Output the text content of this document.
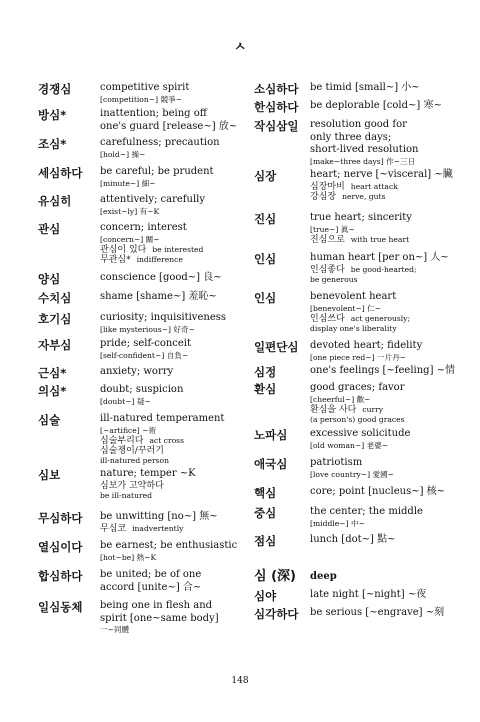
ㅅ
경쟁심	competitive spirit
[competition~] 競爭~
방심*	inattention; being off
one's guard [release~] 放~
조심*	carefulness; precaution
[hold~] 操~
세심하다	be careful; be prudent
[minute~] 細~
유심히	attentively; carefully
[exist~ly] 有~K
관심	concern; interest
[concern~] 關~
관심이 있다 be interested
무관심* indifference
양심	conscience [good~] 良~
수치심	shame [shame~] 羞恥~
호기심	curiosity; inquisitiveness
[like mysterious~] 好奇~
자부심	pride; self-conceit
[self-confident~] 自負~
근심*	anxiety; worry
의심*	doubt; suspicion
[doubt~] 疑~
심술	ill-natured temperament
[~artifice] ~術
심술부리다 act cross
심술쟁이/꾸러기
ill-natured person
심보	nature; temper ~K
심보가 고약하다
be ill-natured
무심하다	be unwitting [no~] 無~
무심코 inadvertently
열심이다	be earnest; be enthusiastic
[hot~be] 熱~K
합심하다	be united; be of one
accord [unite~] 合~
일심동체	being one in flesh and
spirit [one~same body]
一~同體
소심하다	be timid [small~] 小~
한심하다	be deplorable [cold~] 寒~
작심삼일	resolution good for
only three days;
short-lived resolution
[make~three days] 作~三日
심장	heart; nerve [~visceral] ~臟
심장마비 heart attack
강심장 nerve, guts
진심	true heart; sincerity
[true~] 眞~
진심으로 with true heart
인심	human heart [per on~] 人~
인심좋다 be good-hearted;
be generous
인심	benevolent heart
[benevolent~] 仁~
인심쓰다 act generously;
display one's liberality
일편단심	devoted heart; fidelity
[one piece red~] 一片丹~
심정	one's feelings [~feeling] ~情
환심	good graces; favor
[cheerful~] 歡~
환심을 사다 curry
(a person's) good graces
노파심	excessive solicitude
[old woman~] 老婆~
애국심	patriotism
[love country~] 愛國~
핵심	core; point [nucleus~] 核~
중심	the center; the middle
[middle~] 中~
점심	lunch [dot~] 點~
심 (深)	deep
심야	late night [~night] ~夜
심각하다	be serious [~engrave] ~刻
148
